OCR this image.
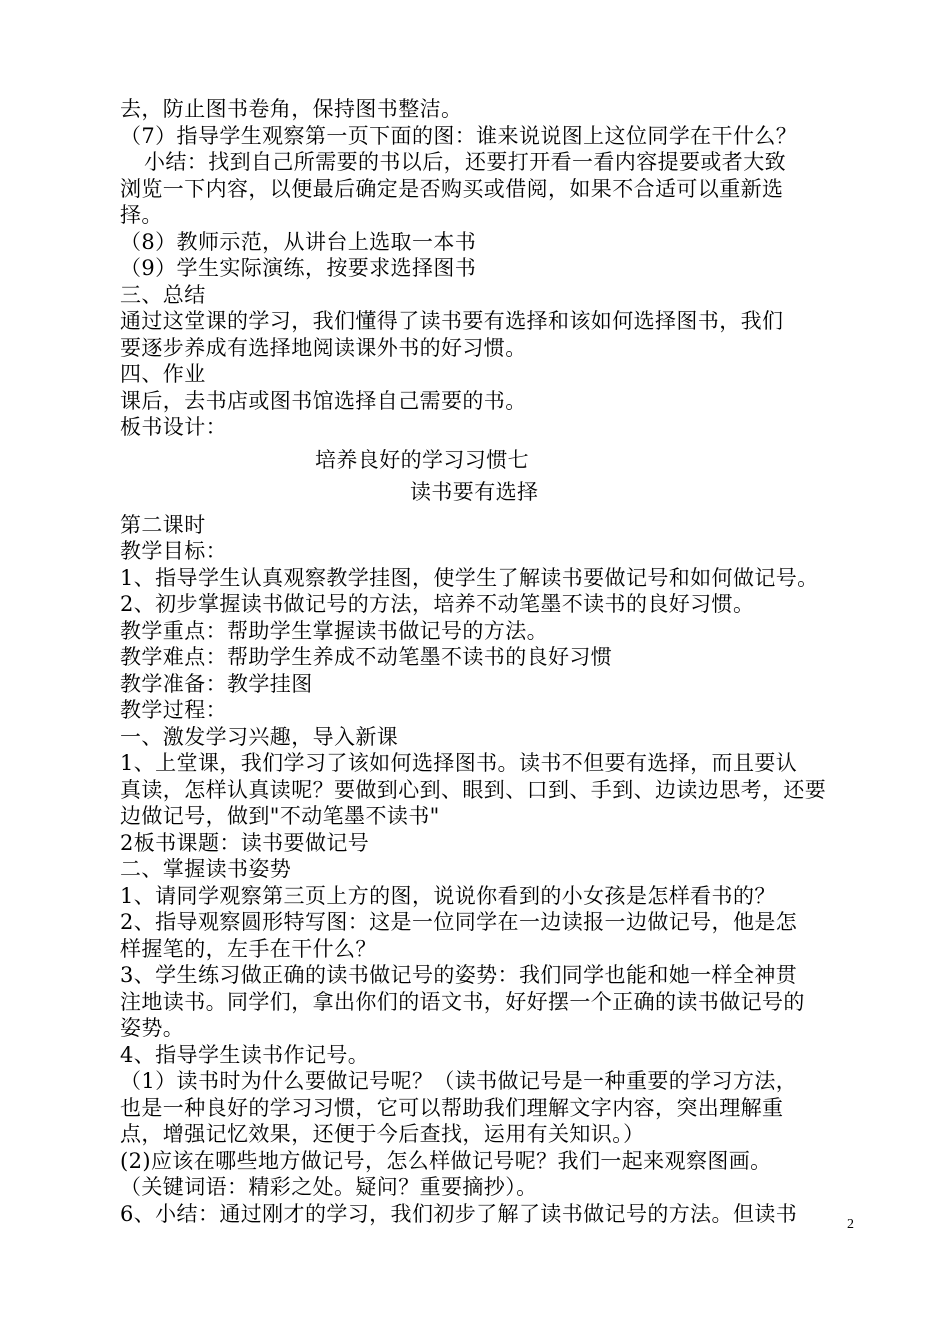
去，防止图书卷角，保持图书整洁。
（7）指导学生观察第一页下面的图：谁来说说图上这位同学在干什么？
小结：找到自己所需要的书以后，还要打开看一看内容提要或者大致
浏览一下内容，以便最后确定是否购买或借阅，如果不合适可以重新选
择。
（8）教师示范，从讲台上选取一本书
（9）学生实际演练，按要求选择图书
三、总结
通过这堂课的学习，我们懂得了读书要有选择和该如何选择图书，我们
要逐步养成有选择地阅读课外书的好习惯。
四、作业
课后，去书店或图书馆选择自己需要的书。
板书设计：
培养良好的学习习惯七
读书要有选择
第二课时
教学目标：
1、指导学生认真观察教学挂图，使学生了解读书要做记号和如何做记号。
2、初步掌握读书做记号的方法，培养不动笔墨不读书的良好习惯。
教学重点：帮助学生掌握读书做记号的方法。
教学难点：帮助学生养成不动笔墨不读书的良好习惯
教学准备：教学挂图
教学过程：
一、激发学习兴趣，导入新课
1、上堂课，我们学习了该如何选择图书。读书不但要有选择，而且要认
真读，怎样认真读呢？要做到心到、眼到、口到、手到、边读边思考，还要
边做记号，做到"不动笔墨不读书"
2板书课题：读书要做记号
二、掌握读书姿势
1、请同学观察第三页上方的图，说说你看到的小女孩是怎样看书的？
2、指导观察圆形特写图：这是一位同学在一边读报一边做记号，他是怎
样握笔的，左手在干什么？
3、学生练习做正确的读书做记号的姿势：我们同学也能和她一样全神贯
注地读书。同学们，拿出你们的语文书，好好摆一个正确的读书做记号的
姿势。
4、指导学生读书作记号。
（1）读书时为什么要做记号呢？（读书做记号是一种重要的学习方法，
也是一种良好的学习习惯，它可以帮助我们理解文字内容，突出理解重
点，增强记忆效果，还便于今后查找，运用有关知识。）
(2)应该在哪些地方做记号，怎么样做记号呢？我们一起来观察图画。
（关键词语：精彩之处。疑问？重要摘抄）。
6、小结：通过刚才的学习，我们初步了解了读书做记号的方法。但读书	2
